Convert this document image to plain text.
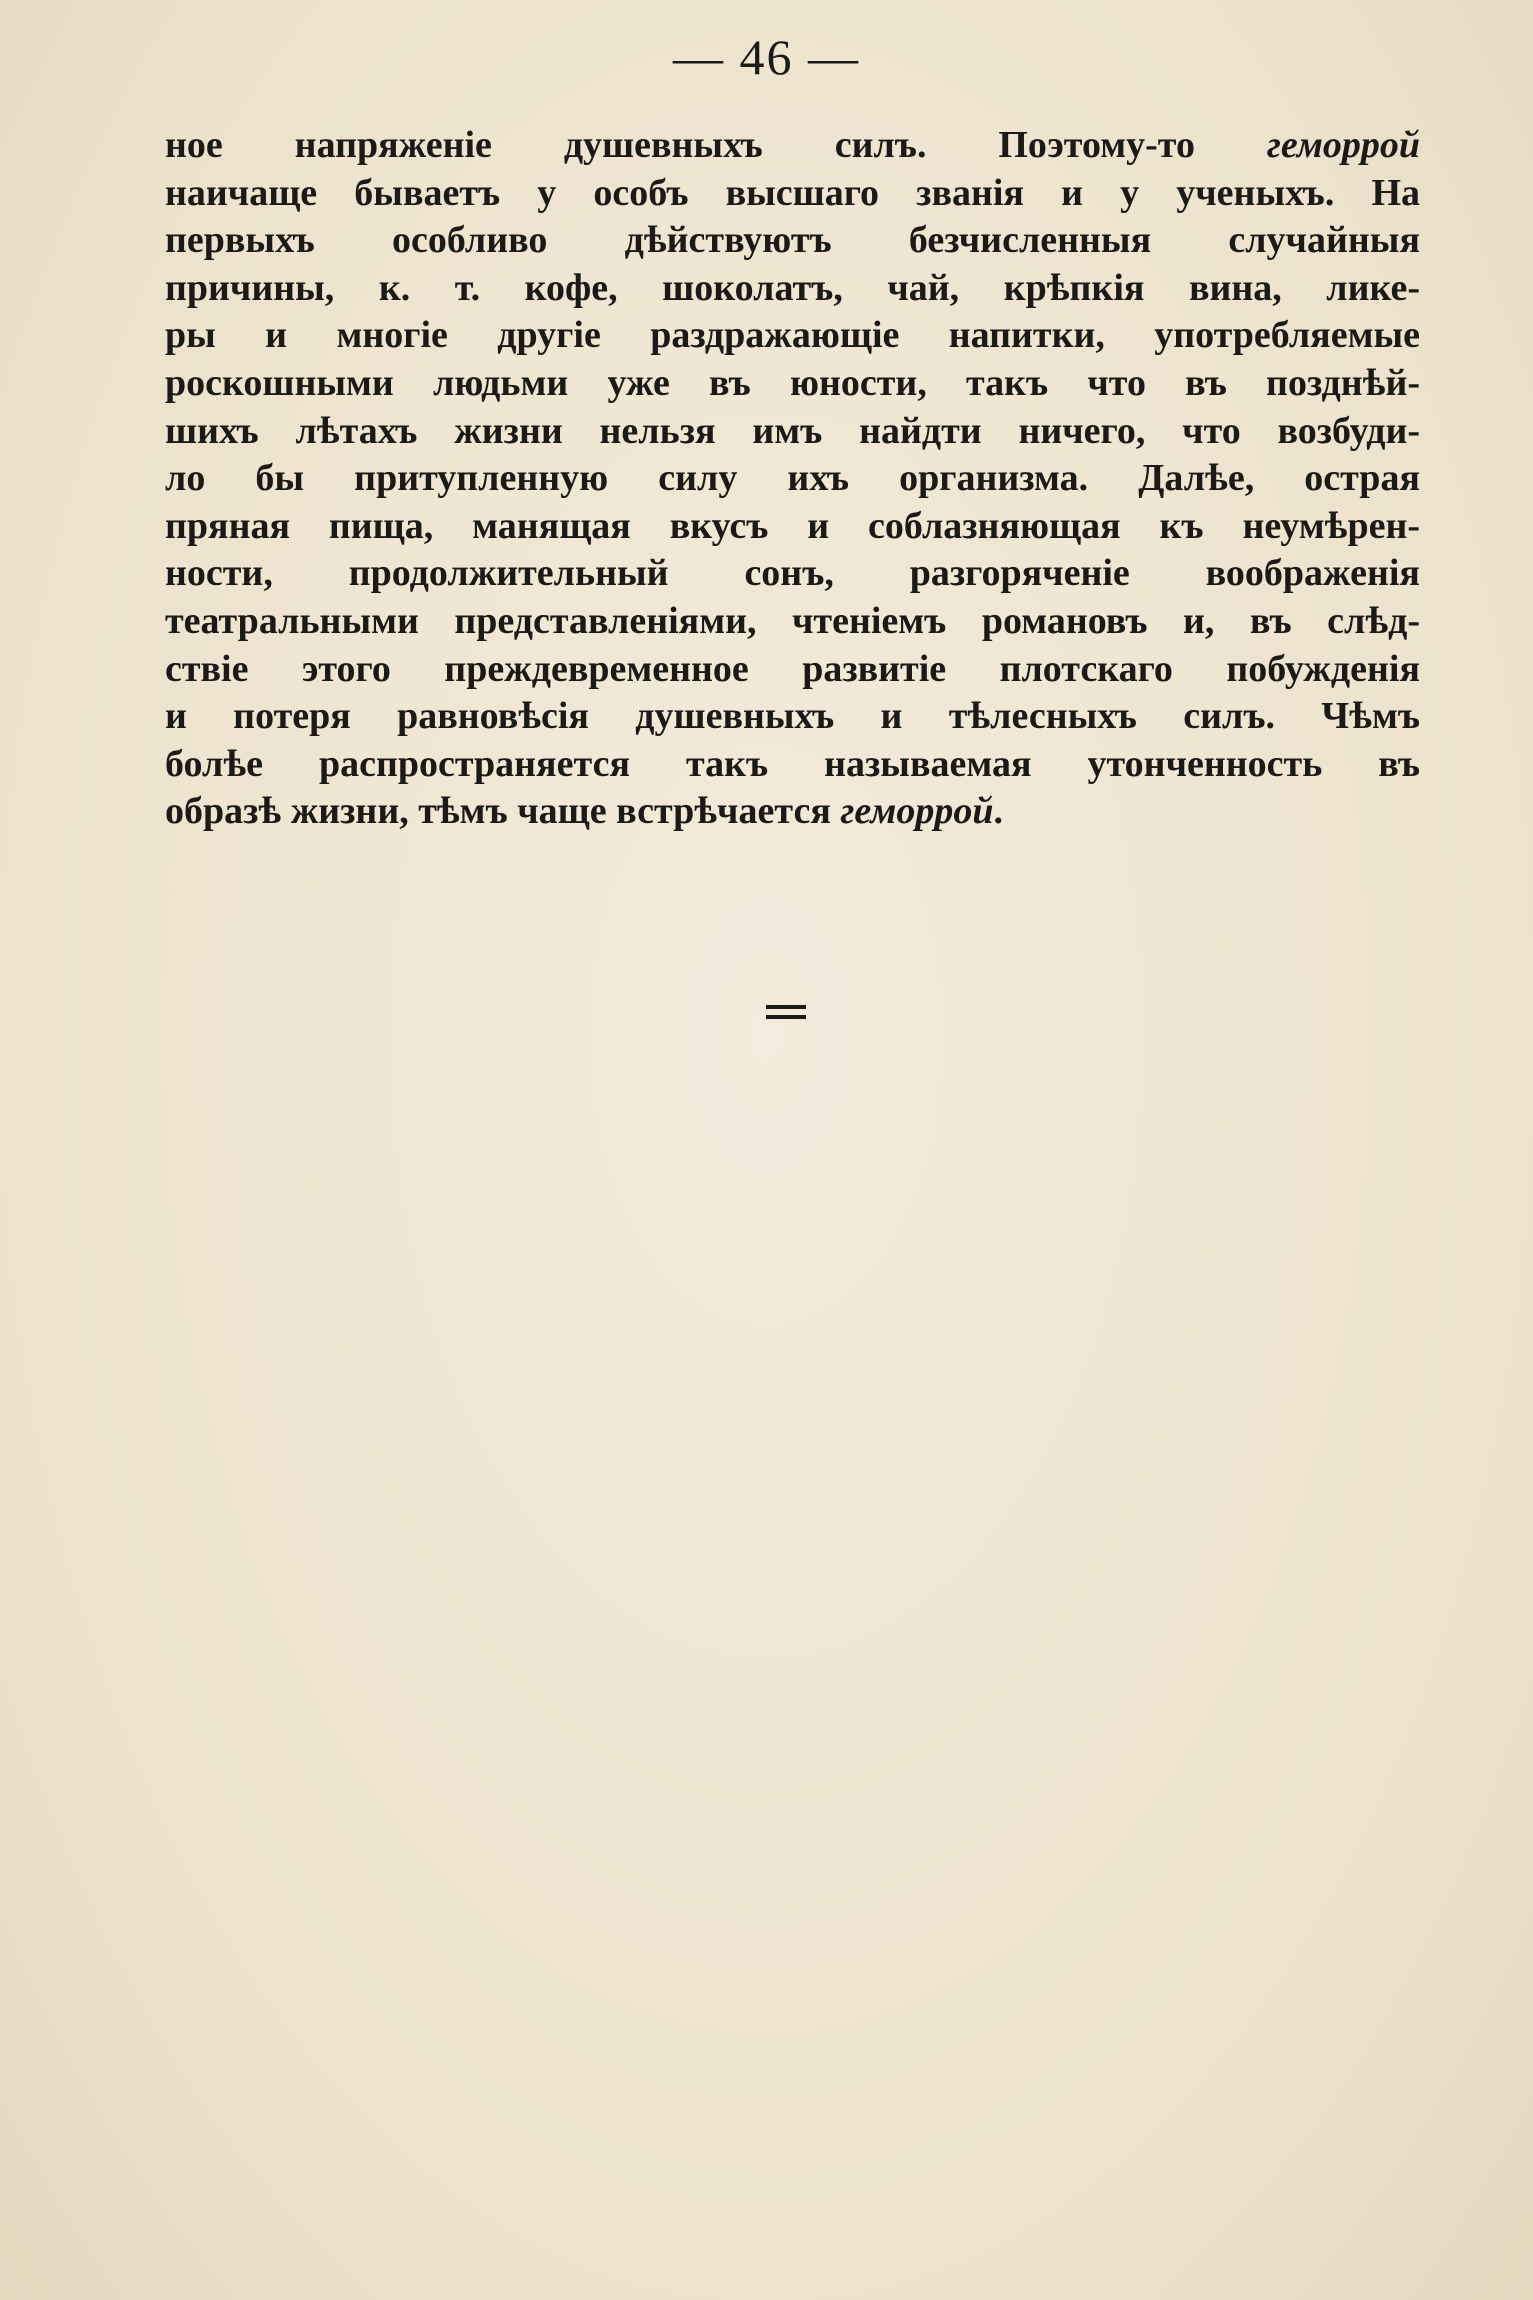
— 46 —
ное напряженіе душевныхъ силъ. Поэтому-то геморрой
наичаще бываетъ у особъ высшаго званія и у ученыхъ. На
первыхъ особливо дѣйствуютъ безчисленныя случайныя
причины, к. т. кофе, шоколатъ, чай, крѣпкія вина, лике-
ры и многіе другіе раздражающіе напитки, употребляемые
роскошными людьми уже въ юности, такъ что въ позднѣй-
шихъ лѣтахъ жизни нельзя имъ найдти ничего, что возбуди-
ло бы притупленную силу ихъ организма. Далѣе, острая
пряная пища, манящая вкусъ и соблазняющая къ неумѣрен-
ности, продолжительный сонъ, разгоряченіе воображенія
театральными представленіями, чтеніемъ романовъ и, въ слѣд-
ствіе этого преждевременное развитіе плотскаго побужденія
и потеря равновѣсія душевныхъ и тѣлесныхъ силъ. Чѣмъ
болѣе распространяется такъ называемая утонченность въ
образѣ жизни, тѣмъ чаще встрѣчается геморрой.
